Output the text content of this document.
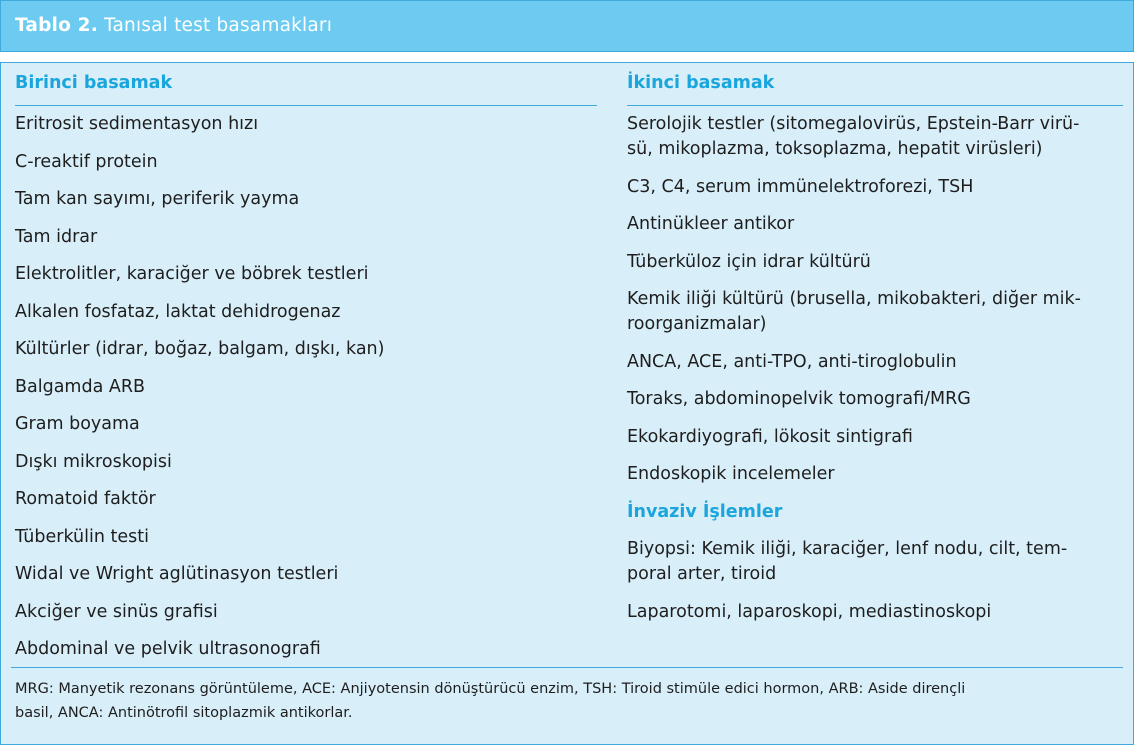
Tablo 2. Tanısal test basamakları
Birinci basamak
Eritrosit sedimentasyon hızı
C-reaktif protein
Tam kan sayımı, periferik yayma
Tam idrar
Elektrolitler, karaciğer ve böbrek testleri
Alkalen fosfataz, laktat dehidrogenaz
Kültürler (idrar, boğaz, balgam, dışkı, kan)
Balgamda ARB
Gram boyama
Dışkı mikroskopisi
Romatoid faktör
Tüberkülin testi
Widal ve Wright aglütinasyon testleri
Akciğer ve sinüs grafisi
Abdominal ve pelvik ultrasonografi
İkinci basamak
Serolojik testler (sitomegalovirüs, Epstein-Barr virü-
sü, mikoplazma, toksoplazma, hepatit virüsleri)
C3, C4, serum immünelektroforezi, TSH
Antinükleer antikor
Tüberküloz için idrar kültürü
Kemik iliği kültürü (brusella, mikobakteri, diğer mik-
roorganizmalar)
ANCA, ACE, anti-TPO, anti-tiroglobulin
Toraks, abdominopelvik tomografi/MRG
Ekokardiyografi, lökosit sintigrafi
Endoskopik incelemeler
İnvaziv İşlemler
Biyopsi: Kemik iliği, karaciğer, lenf nodu, cilt, tem-
poral arter, tiroid
Laparotomi, laparoskopi, mediastinoskopi
MRG: Manyetik rezonans görüntüleme, ACE: Anjiyotensin dönüştürücü enzim, TSH: Tiroid stimüle edici hormon, ARB: Aside dirençli
basil, ANCA: Antinötrofil sitoplazmik antikorlar.
